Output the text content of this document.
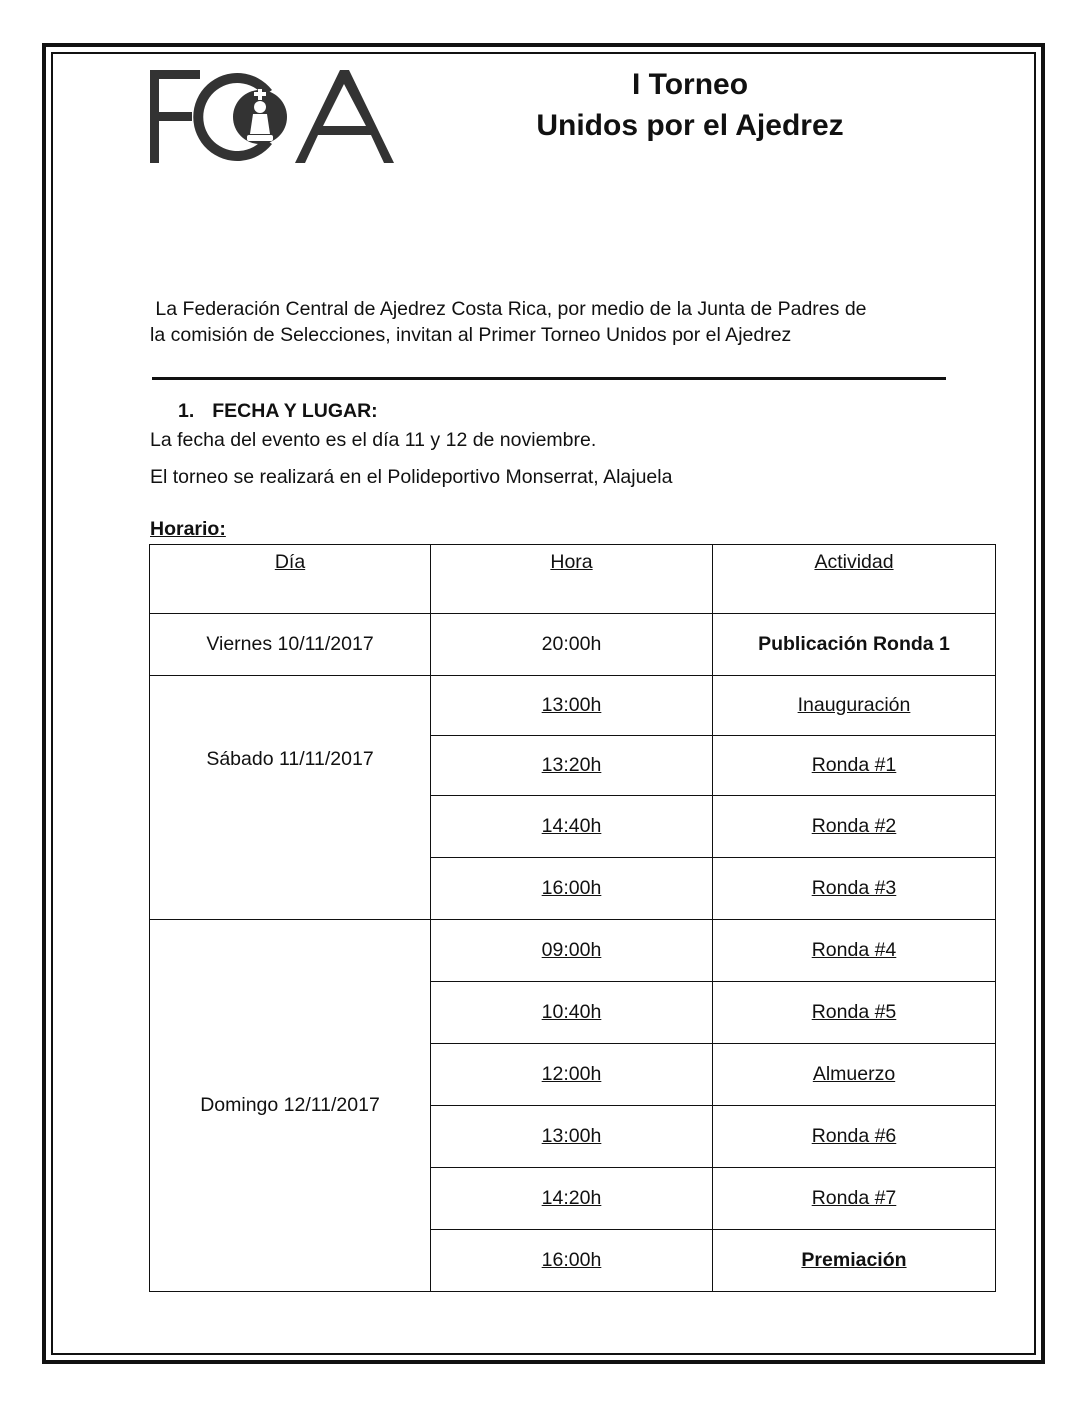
I Torneo
Unidos por el Ajedrez
La Federación Central de Ajedrez Costa Rica, por medio de la Junta de Padres de
la comisión de Selecciones, invitan al Primer Torneo Unidos por el Ajedrez
1. FECHA Y LUGAR:
La fecha del evento es el día 11 y 12 de noviembre.
El torneo se realizará en el Polideportivo Monserrat, Alajuela
Horario:
Día	Hora	Actividad
Viernes 10/11/2017	20:00h	Publicación Ronda 1
Sábado 11/11/2017	13:00h	Inauguración
	13:20h	Ronda #1
	14:40h	Ronda #2
	16:00h	Ronda #3
Domingo 12/11/2017	09:00h	Ronda #4
	10:40h	Ronda #5
	12:00h	Almuerzo
	13:00h	Ronda #6
	14:20h	Ronda #7
	16:00h	Premiación
